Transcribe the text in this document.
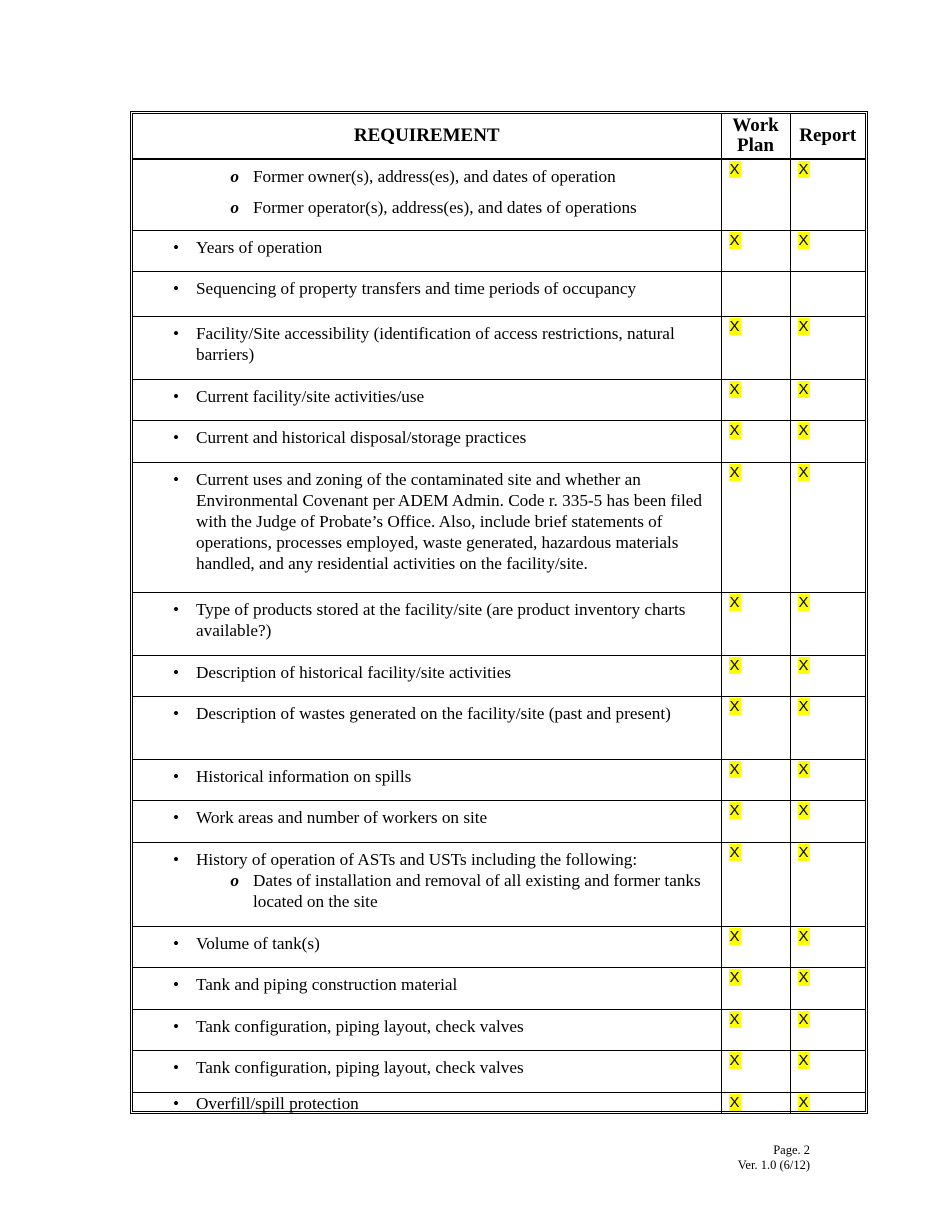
REQUIREMENT	Work Plan	Report

o Former owner(s), address(es), and dates of operation
o Former operator(s), address(es), and dates of operations	X	X

• Years of operation	X	X

• Sequencing of property transfers and time periods of occupancy		

• Facility/Site accessibility (identification of access restrictions, natural barriers)	X	X

• Current facility/site activities/use	X	X

• Current and historical disposal/storage practices	X	X

• Current uses and zoning of the contaminated site and whether an Environmental Covenant per ADEM Admin. Code r. 335-5 has been filed with the Judge of Probate’s Office. Also, include brief statements of operations, processes employed, waste generated, hazardous materials handled, and any residential activities on the facility/site.	X	X

• Type of products stored at the facility/site (are product inventory charts available?)	X	X

• Description of historical facility/site activities	X	X

• Description of wastes generated on the facility/site (past and present)	X	X

• Historical information on spills	X	X

• Work areas and number of workers on site	X	X

• History of operation of ASTs and USTs including the following:
o Dates of installation and removal of all existing and former tanks located on the site	X	X

• Volume of tank(s)	X	X

• Tank and piping construction material	X	X

• Tank configuration, piping layout, check valves	X	X

• Tank configuration, piping layout, check valves	X	X

• Overfill/spill protection	X	X
Page. 2
Ver. 1.0 (6/12)
